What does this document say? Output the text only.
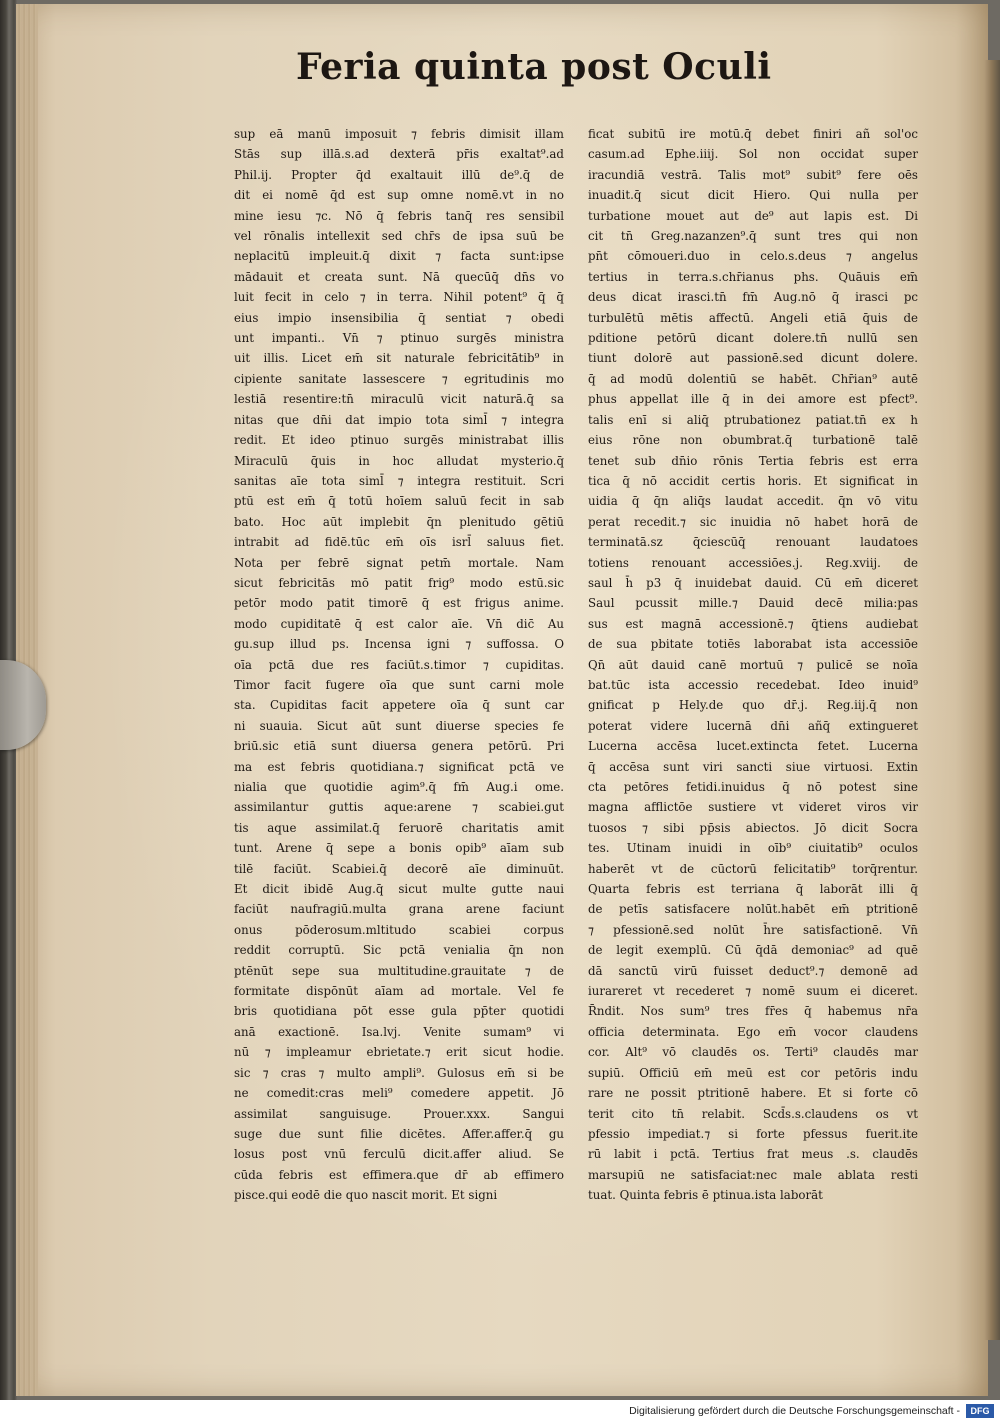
Feria quinta post Oculi
sup eā manū imposuit ⁊ febris dimisit illam
Stās sup illā.s.ad dexterā pr̄is exaltat⁹.ad
Phil.ij. Propter q̄d exaltauit illū de⁹.q̄ de
dit ei nomē q̄d est sup omne nomē.vt in no
mine iesu ⁊c. Nō q̄ febris tanq̄ res sensibil
vel rōnalis intellexit sed chr̄s de ipsa suū be
neplacitū impleuit.q̄ dixit ⁊ facta sunt:ipse
mādauit et creata sunt. Nā quecūq̄ dn̄s vo
luit fecit in celo ⁊ in terra. Nihil potent⁹ q̄ q̄
eius impio insensibilia q̄ sentiat ⁊ obedi
unt impanti.. Vn̄ ⁊ ptinuo surgēs ministra
uit illis. Licet em̄ sit naturale febricitātib⁹ in
cipiente sanitate lassescere ⁊ egritudinis mo
lestiā resentire:tn̄ miraculū vicit naturā.q̄ sa
nitas que dn̄i dat impio tota siml̄ ⁊ integra
redit. Et ideo ptinuo surgēs ministrabat illis
Miraculū q̄uis in hoc alludat mysterio.q̄
sanitas aīe tota siml̄ ⁊ integra restituit. Scri
ptū est em̄ q̄ totū hoīem saluū fecit in sab
bato. Hoc aūt implebit q̄n plenitudo gētiū
intrabit ad fidē.tūc em̄ oīs isrl̄ saluus fiet.
Nota per febrē signat petm̄ mortale. Nam
sicut febricitās mō patit frig⁹ modo estū.sic
petōr modo patit timorē q̄ est frigus anime.
modo cupiditatē q̄ est calor aīe. Vn̄ dic̄ Au
gu.sup illud ps. Incensa igni ⁊ suffossa. O
oīa pctā due res faciūt.s.timor ⁊ cupiditas.
Timor facit fugere oīa que sunt carni mole
sta. Cupiditas facit appetere oīa q̄ sunt car
ni suauia. Sicut aūt sunt diuerse species fe
briū.sic etiā sunt diuersa genera petōrū. Pri
ma est febris quotidiana.⁊ significat pctā ve
nialia que quotidie agim⁹.q̄ fm̄ Aug.i ome.
assimilantur guttis aque:arene ⁊ scabiei.gut
tis aque assimilat.q̄ feruorē charitatis amit
tunt. Arene q̄ sepe a bonis opib⁹ aīam sub
tilē faciūt. Scabiei.q̄ decorē aīe diminuūt.
Et dicit ibidē Aug.q̄ sicut multe gutte naui
faciūt naufragiū.multa grana arene faciunt
onus pōderosum.mltitudo scabiei corpus
reddit corruptū. Sic pctā venialia q̄n non
ptēnūt sepe sua multitudine.grauitate ⁊ de
formitate dispōnūt aīam ad mortale. Vel fe
bris quotidiana pōt esse gula pp̄ter quotidi
anā exactionē. Isa.lvj. Venite sumam⁹ vi
nū ⁊ impleamur ebrietate.⁊ erit sicut hodie.
sic ⁊ cras ⁊ multo ampli⁹. Gulosus em̄ si be
ne comedit:cras meli⁹ comedere appetit. Jō
assimilat sanguisuge. Prouer.xxx. Sangui
suge due sunt filie dicētes. Affer.affer.q̄ gu
losus post vnū ferculū dicit.affer aliud. Se
cūda febris est effimera.que dr̄ ab effimero
pisce.qui eodē die quo nascit morit. Et signi
ficat subitū ire motū.q̄ debet finiri añ sol'oc
casum.ad Ephe.iiij. Sol non occidat super
iracundiā vestrā. Talis mot⁹ subit⁹ fere oēs
inuadit.q̄ sicut dicit Hiero. Qui nulla per
turbatione mouet aut de⁹ aut lapis est. Di
cit tn̄ Greg.nazanzen⁹.q̄ sunt tres qui non
pn̄t cōmoueri.duo in celo.s.deus ⁊ angelus
tertius in terra.s.chr̄ianus phs. Quāuis em̄
deus dicat irasci.tn̄ fm̄ Aug.nō q̄ irasci pc
turbulētū mētis affectū. Angeli etiā q̄uis de
pditione petōrū dicant dolere.tn̄ nullū sen
tiunt dolorē aut passionē.sed dicunt dolere.
q̄ ad modū dolentiū se habēt. Chr̄ian⁹ autē
phus appellat ille q̄ in dei amore est pfect⁹.
talis enī si aliq̄ ptrubationez patiat.tn̄ ex h
eius rōne non obumbrat.q̄ turbationē talē
tenet sub dn̄io rōnis Tertia febris est erra
tica q̄ nō accidit certis horis. Et significat in
uidia q̄ q̄n aliq̄s laudat accedit. q̄n vō vitu
perat recedit.⁊ sic inuidia nō habet horā de
terminatā.sz q̄ciescūq̄ renouant laudatoes
totiens renouant accessiōes.j. Reg.xviij. de
saul h̄ p3 q̄ inuidebat dauid. Cū em̄ diceret
Saul pcussit mille.⁊ Dauid decē milia:pas
sus est magnā accessionē.⁊ q̄tiens audiebat
de sua pbitate totiēs laborabat ista accessiōe
Qn̄ aūt dauid canē mortuū ⁊ pulicē se noīa
bat.tūc ista accessio recedebat. Ideo inuid⁹
gnificat p Hely.de quo dr̄.j. Reg.iij.q̄ non
poterat videre lucernā dn̄i añq̄ extingueret
Lucerna accēsa lucet.extincta fetet. Lucerna
q̄ accēsa sunt viri sancti siue virtuosi. Extin
cta petōres fetidi.inuidus q̄ nō potest sine
magna afflictōe sustiere vt videret viros vir
tuosos ⁊ sibi pp̄sis abiectos. Jō dicit Socra
tes. Utinam inuidi in oīb⁹ ciuitatib⁹ oculos
haberēt vt de cūctorū felicitatib⁹ torq̄rentur.
Quarta febris est terriana q̄ laborāt illi q̄
de petīs satisfacere nolūt.habēt em̄ ptritionē
⁊ pfessionē.sed nolūt h̄re satisfactionē. Vn̄
de legit exemplū. Cū q̄dā demoniac⁹ ad quē
dā sanctū virū fuisset deduct⁹.⁊ demonē ad
iurareret vt recederet ⁊ nomē suum ei diceret.
R̄ndit. Nos sum⁹ tres fr̄es q̄ habemus nr̄a
officia determinata. Ego em̄ vocor claudens
cor. Alt⁹ vō claudēs os. Terti⁹ claudēs mar
supiū. Officiū em̄ meū est cor petōris indu
rare ne possit ptritionē habere. Et si forte cō
terit cito tn̄ relabit. Scd̄s.s.claudens os vt
pfessio impediat.⁊ si forte pfessus fuerit.ite
rū labit i pctā. Tertius frat meus .s. claudēs
marsupiū ne satisfaciat:nec male ablata resti
tuat. Quinta febris ē ptinua.ista laborāt
Digitalisierung gefördert durch die Deutsche Forschungsgemeinschaft -	DFG
